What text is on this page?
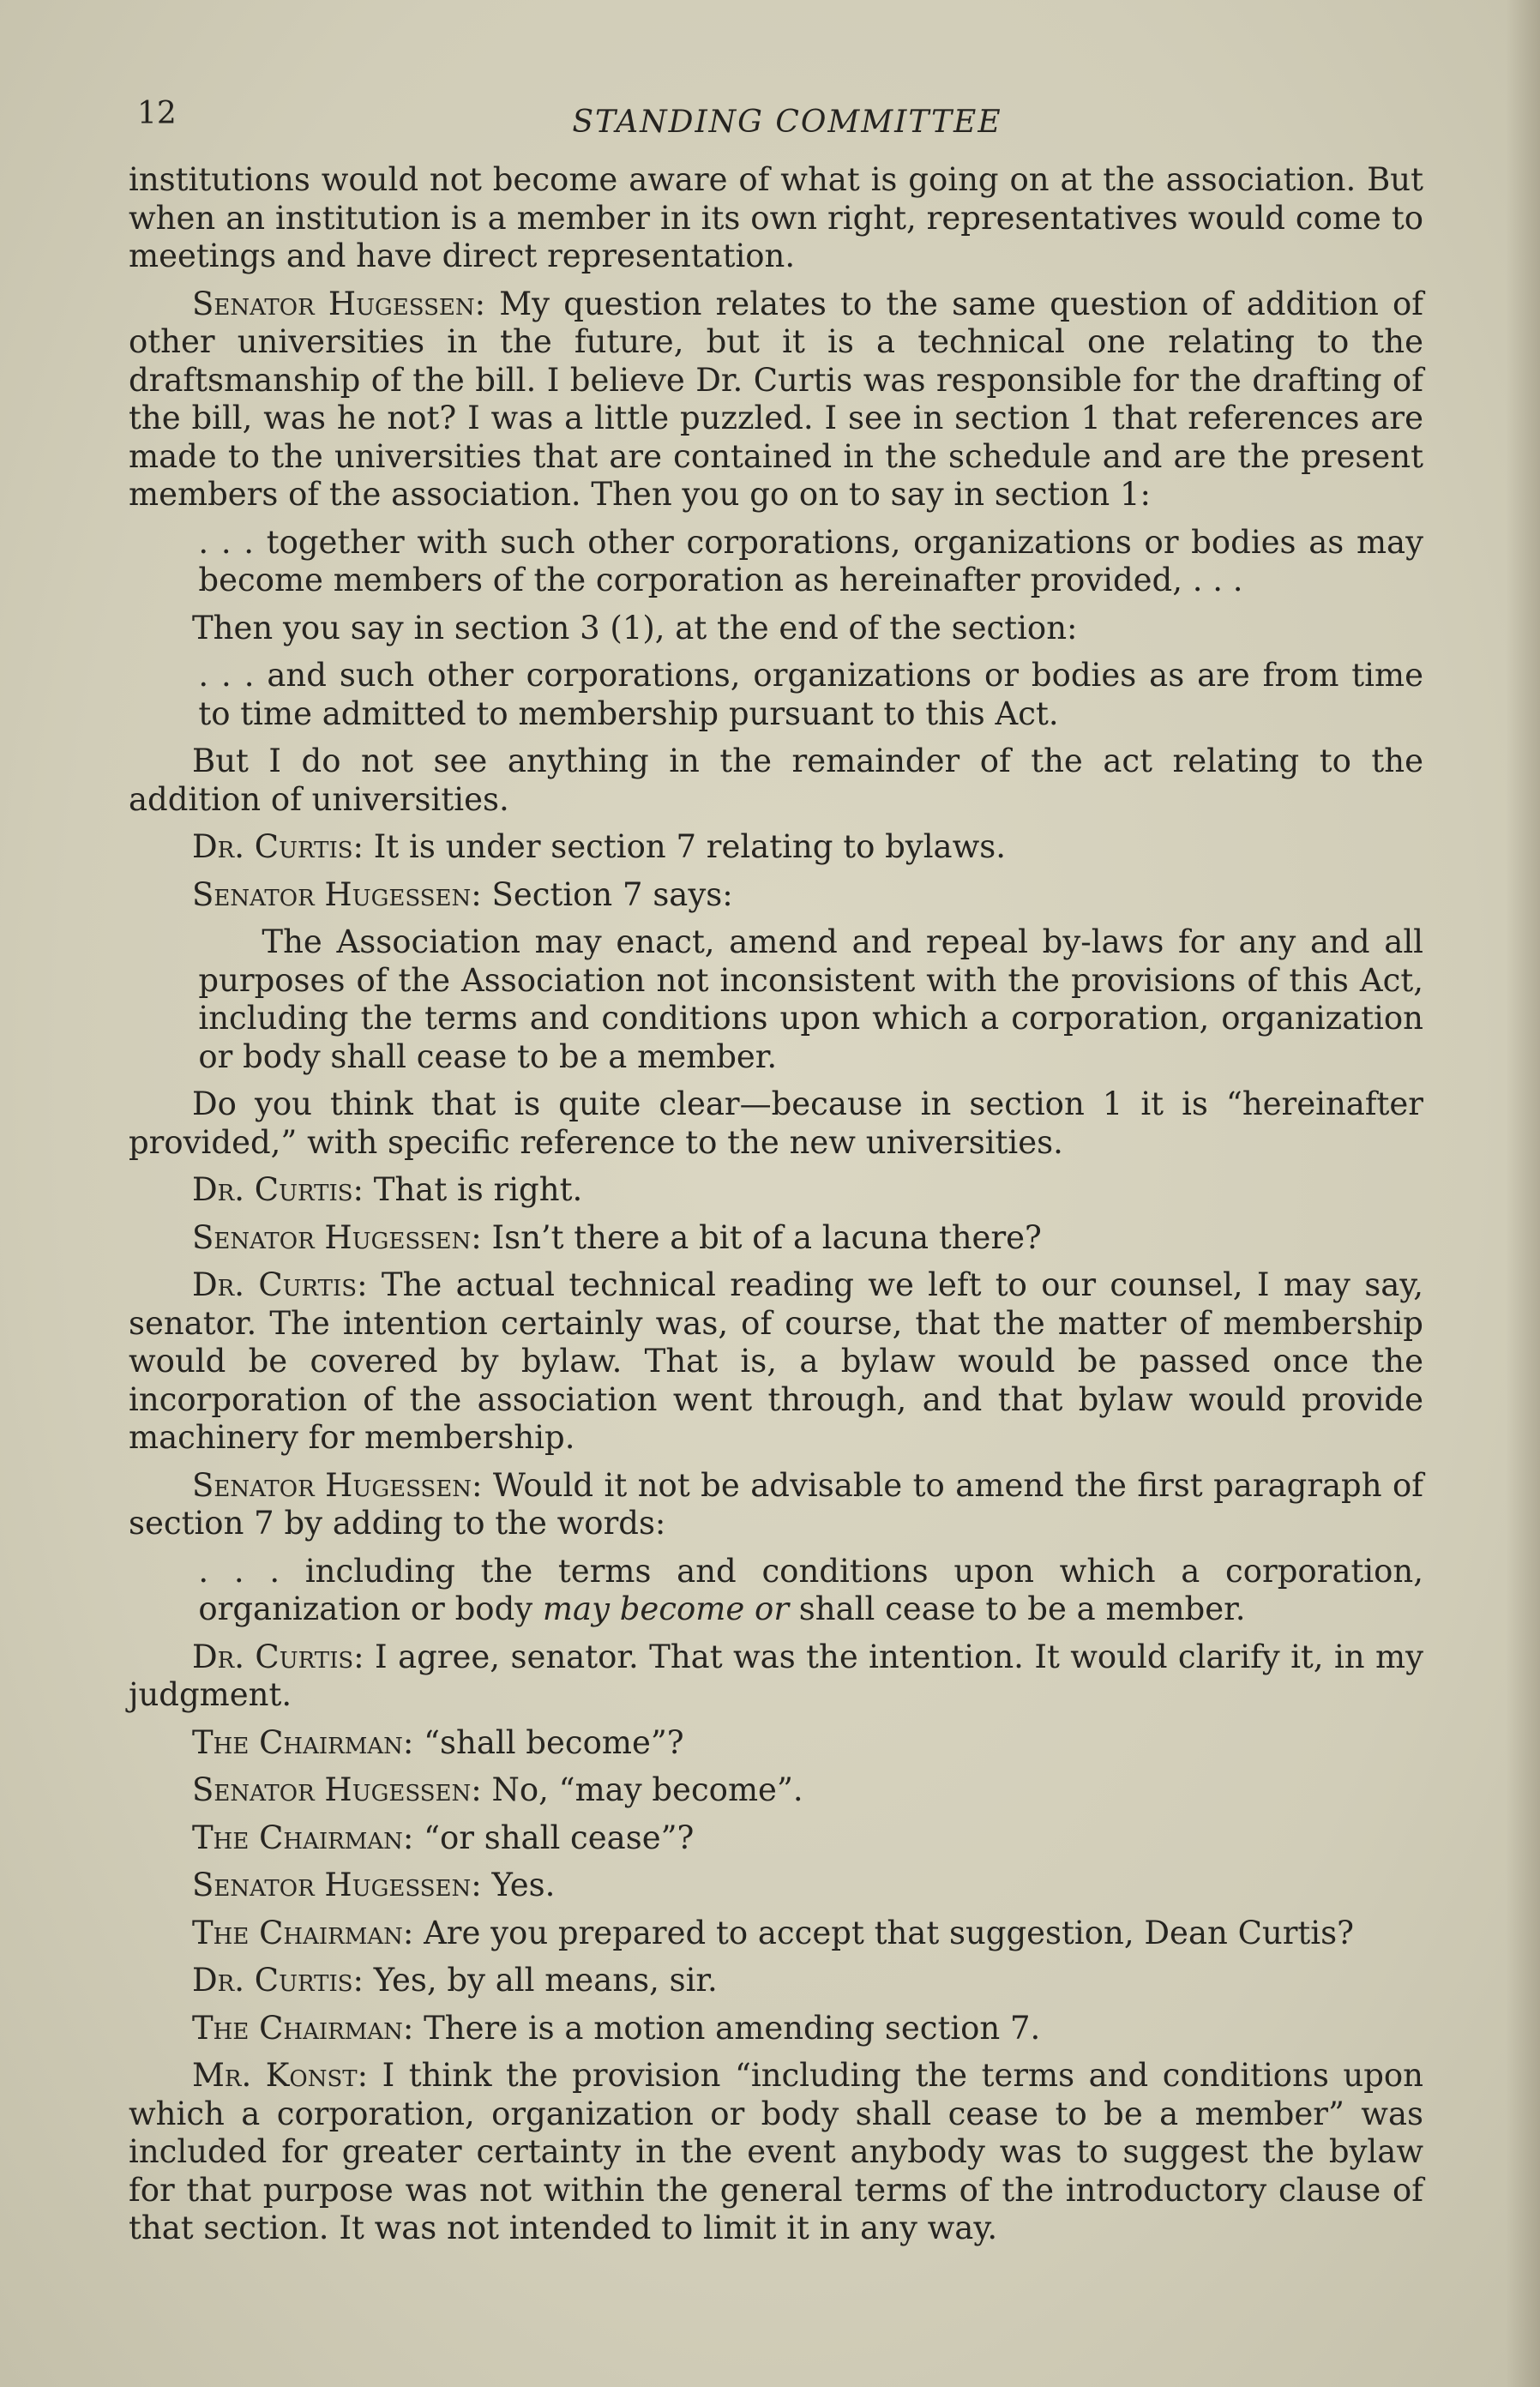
12	STANDING COMMITTEE

institutions would not become aware of what is going on at the association. But when an institution is a member in its own right, representatives would come to meetings and have direct representation.

Senator Hugessen: My question relates to the same question of addition of other universities in the future, but it is a technical one relating to the draftsmanship of the bill. I believe Dr. Curtis was responsible for the drafting of the bill, was he not? I was a little puzzled. I see in section 1 that references are made to the universities that are contained in the schedule and are the present members of the association. Then you go on to say in section 1:

. . . together with such other corporations, organizations or bodies as may become members of the corporation as hereinafter provided, . . .

Then you say in section 3 (1), at the end of the section:

. . . and such other corporations, organizations or bodies as are from time to time admitted to membership pursuant to this Act.

But I do not see anything in the remainder of the act relating to the addition of universities.

Dr. Curtis: It is under section 7 relating to bylaws.

Senator Hugessen: Section 7 says:

The Association may enact, amend and repeal by-laws for any and all purposes of the Association not inconsistent with the provisions of this Act, including the terms and conditions upon which a corporation, organization or body shall cease to be a member.

Do you think that is quite clear—because in section 1 it is “hereinafter provided,” with specific reference to the new universities.

Dr. Curtis: That is right.

Senator Hugessen: Isn’t there a bit of a lacuna there?

Dr. Curtis: The actual technical reading we left to our counsel, I may say, senator. The intention certainly was, of course, that the matter of membership would be covered by bylaw. That is, a bylaw would be passed once the incorporation of the association went through, and that bylaw would provide machinery for membership.

Senator Hugessen: Would it not be advisable to amend the first paragraph of section 7 by adding to the words:

. . . including the terms and conditions upon which a corporation, organization or body may become or shall cease to be a member.

Dr. Curtis: I agree, senator. That was the intention. It would clarify it, in my judgment.

The Chairman: “shall become”?

Senator Hugessen: No, “may become”.

The Chairman: “or shall cease”?

Senator Hugessen: Yes.

The Chairman: Are you prepared to accept that suggestion, Dean Curtis?

Dr. Curtis: Yes, by all means, sir.

The Chairman: There is a motion amending section 7.

Mr. Konst: I think the provision “including the terms and conditions upon which a corporation, organization or body shall cease to be a member” was included for greater certainty in the event anybody was to suggest the bylaw for that purpose was not within the general terms of the introductory clause of that section. It was not intended to limit it in any way.
